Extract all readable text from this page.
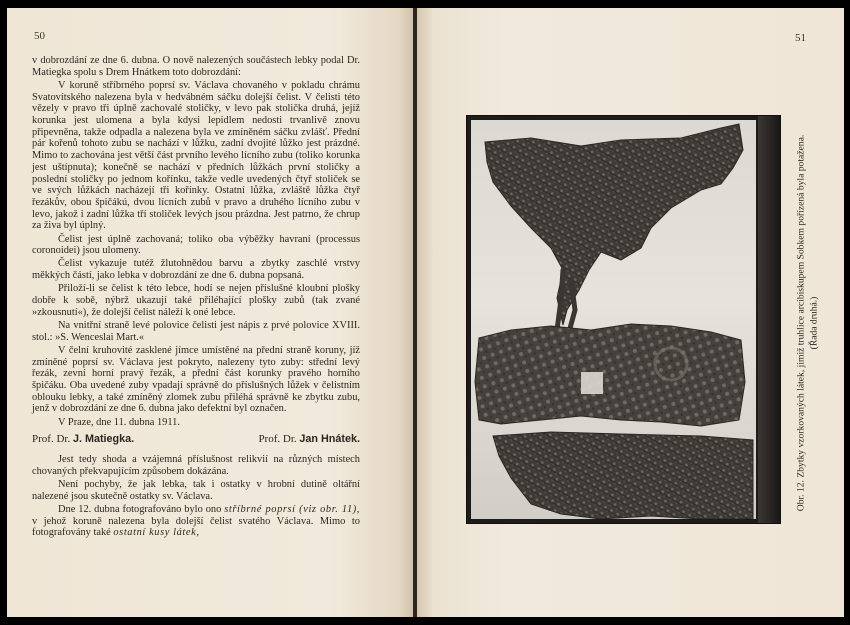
50

v dobrozdání ze dne 6. dubna. O nově nalezených součástech lebky podal Dr. Matiegka spolu s Drem Hnátkem toto dobrozdání:

V koruně stříbrného poprsí sv. Václava chovaného v pokladu chrámu Svatovítského nalezena byla v hedvábném sáčku dolejší čelist. V čelisti této vězely v pravo tři úplně zachovalé stoličky, v levo pak stolička druhá, jejíž korunka jest ulomena a byla kdysi lepidlem nedosti trvanlivě znovu připevněna, takže odpadla a nalezena byla ve zmíněném sáčku zvlášť. Přední pár kořenů tohoto zubu se nachází v lůžku, zadní dvojité lůžko jest prázdné. Mimo to zachována jest větší část prvního levého lícního zubu (toliko korunka jest uštípnuta); konečně se nachází v předních lůžkách první stoličky a poslední stoličky po jednom kořínku, takže vedle uvedených čtyř stoliček se ve svých lůžkách nacházejí tři kořínky. Ostatní lůžka, zvláště lůžka čtyř řezákův, obou špičákú, dvou lícních zubů v pravo a druhého lícního zubu v levo, jakož i zadní lůžka tří stoliček levých jsou prázdna. Jest patrno, že chrup za živa byl úplný.

Čelist jest úplně zachovaná; toliko oba výběžky havraní (processus coronoidei) jsou ulomeny.

Čelist vykazuje tutéž žlutohnědou barvu a zbytky zaschlé vrstvy měkkých částí, jako lebka v dobrozdání ze dne 6. dubna popsaná.

Přiloží-li se čelist k této lebce, hodí se nejen příslušné kloubní plošky dobře k sobě, nýbrž ukazují také přiléhající plošky zubů (tak zvané »zkousnutí«), že dolejší čelist náleží k oné lebce.

Na vnitřní straně levé polovice čelisti jest nápis z prvé polovice XVIII. stol.: »S. Wenceslai Mart.«

V čelní kruhovité zasklené jímce umístěné na přední straně koruny, jíž zmíněné poprsí sv. Václava jest pokryto, nalezeny tyto zuby: střední levý řezák, zevní horní pravý řezák, a přední část korunky pravého horního špičáku. Oba uvedené zuby vpadají správně do příslušných lůžek v čelistním oblouku lebky, a také zmíněný zlomek zubu přiléhá správně ke zbytku zubu, jenž v dobrozdání ze dne 6. dubna jako defektní byl označen.

V Praze, dne 11. dubna 1911.

Prof. Dr. J. Matiegka.	Prof. Dr. Jan Hnátek.

Jest tedy shoda a vzájemná příslušnost relikvií na různých místech chovaných překvapujícím způsobem dokázána.

Není pochyby, že jak lebka, tak i ostatky v hrobní dutině oltářní nalezené jsou skutečně ostatky sv. Václava.

Dne 12. dubna fotografováno bylo ono stříbrné poprsí (viz obr. 11), v jehož koruně nalezena byla dolejší čelist svatého Václava. Mimo to fotografovány také ostatní kusy látek,

51
Obr. 12. Zbytky vzorkovaných látek, jimiž truhlice arcibiskupem Sobkem pořízená byla potažena. (Řada druhá.)
